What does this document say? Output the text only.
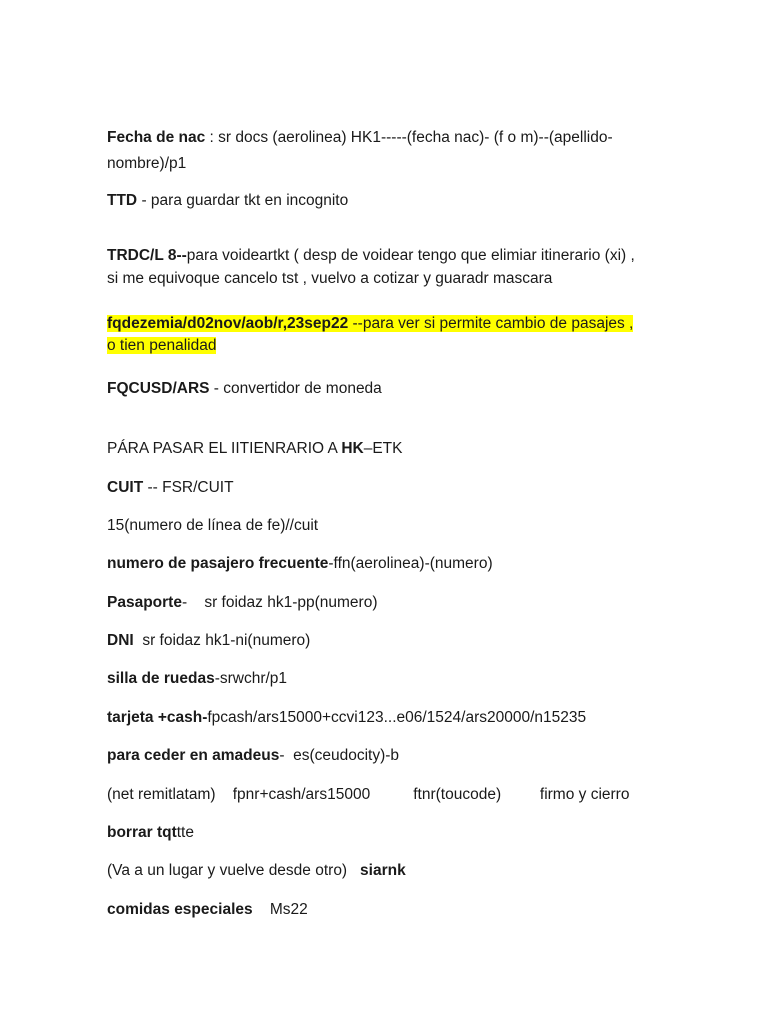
Fecha de nac : sr docs (aerolinea) HK1-----(fecha nac)- (f o m)--(apellido-
nombre)/p1
TTD - para guardar tkt en incognito
TRDC/L 8--para voideartkt ( desp de voidear tengo que elimiar itinerario (xi) ,
si me equivoque cancelo tst , vuelvo a cotizar y guaradr mascara
fqdezemia/d02nov/aob/r,23sep22 --para ver si permite cambio de pasajes ,
o tien penalidad
FQCUSD/ARS - convertidor de moneda
PÁRA PASAR EL IITIENRARIO A HK–ETK
CUIT -- FSR/CUIT
15(numero de línea de fe)//cuit
numero de pasajero frecuente-ffn(aerolinea)-(numero)
Pasaporte-    sr foidaz hk1-pp(numero)
DNI  sr foidaz hk1-ni(numero)
silla de ruedas-srwchr/p1
tarjeta +cash-fpcash/ars15000+ccvi123...e06/1524/ars20000/n15235
para ceder en amadeus-  es(ceudocity)-b
(net remitlatam)    fpnr+cash/ars15000          ftnr(toucode)         firmo y cierro
borrar tqttte
(Va a un lugar y vuelve desde otro)   siarnk
comidas especiales    Ms22
